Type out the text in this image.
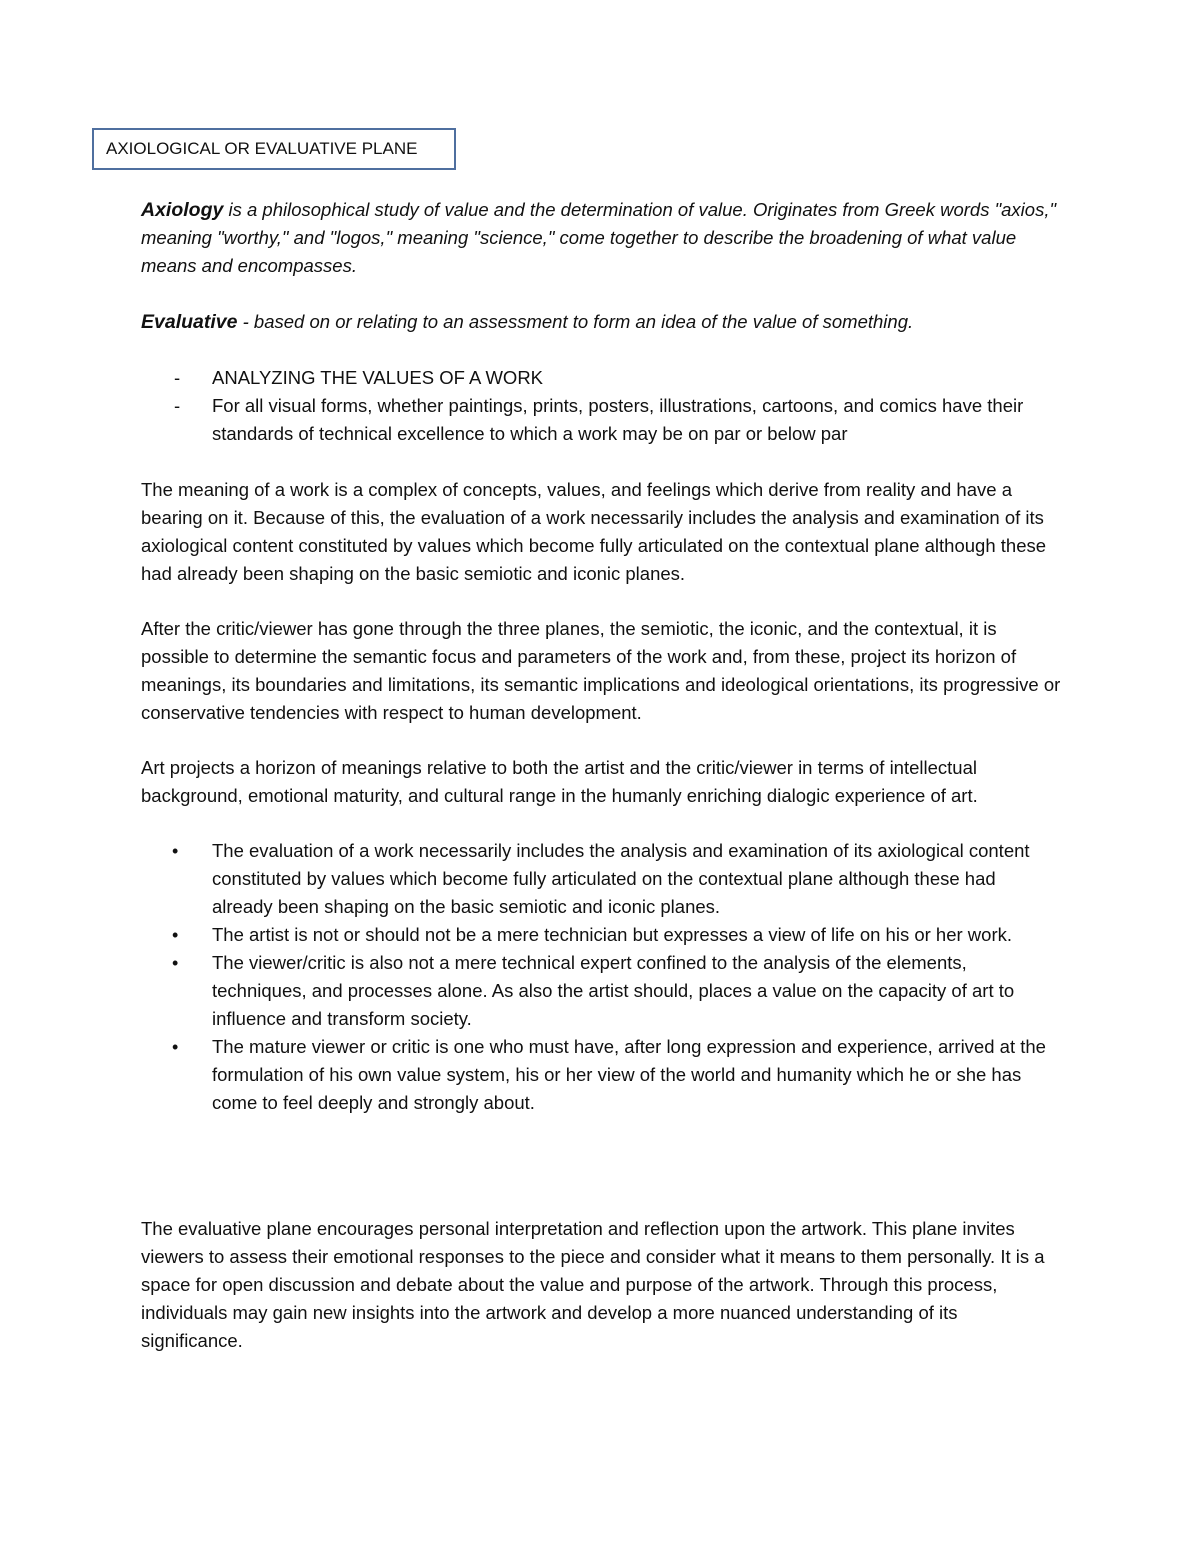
AXIOLOGICAL OR EVALUATIVE PLANE

Axiology is a philosophical study of value and the determination of value. Originates from Greek words "axios," meaning "worthy," and "logos," meaning "science," come together to describe the broadening of what value means and encompasses.

Evaluative - based on or relating to an assessment to form an idea of the value of something.

- ANALYZING THE VALUES OF A WORK
- For all visual forms, whether paintings, prints, posters, illustrations, cartoons, and comics have their standards of technical excellence to which a work may be on par or below par

The meaning of a work is a complex of concepts, values, and feelings which derive from reality and have a bearing on it. Because of this, the evaluation of a work necessarily includes the analysis and examination of its axiological content constituted by values which become fully articulated on the contextual plane although these had already been shaping on the basic semiotic and iconic planes.

After the critic/viewer has gone through the three planes, the semiotic, the iconic, and the contextual, it is possible to determine the semantic focus and parameters of the work and, from these, project its horizon of meanings, its boundaries and limitations, its semantic implications and ideological orientations, its progressive or conservative tendencies with respect to human development.

Art projects a horizon of meanings relative to both the artist and the critic/viewer in terms of intellectual background, emotional maturity, and cultural range in the humanly enriching dialogic experience of art.

• The evaluation of a work necessarily includes the analysis and examination of its axiological content constituted by values which become fully articulated on the contextual plane although these had already been shaping on the basic semiotic and iconic planes.
• The artist is not or should not be a mere technician but expresses a view of life on his or her work.
• The viewer/critic is also not a mere technical expert confined to the analysis of the elements, techniques, and processes alone. As also the artist should, places a value on the capacity of art to influence and transform society.
• The mature viewer or critic is one who must have, after long expression and experience, arrived at the formulation of his own value system, his or her view of the world and humanity which he or she has come to feel deeply and strongly about.

The evaluative plane encourages personal interpretation and reflection upon the artwork. This plane invites viewers to assess their emotional responses to the piece and consider what it means to them personally. It is a space for open discussion and debate about the value and purpose of the artwork. Through this process, individuals may gain new insights into the artwork and develop a more nuanced understanding of its significance.
